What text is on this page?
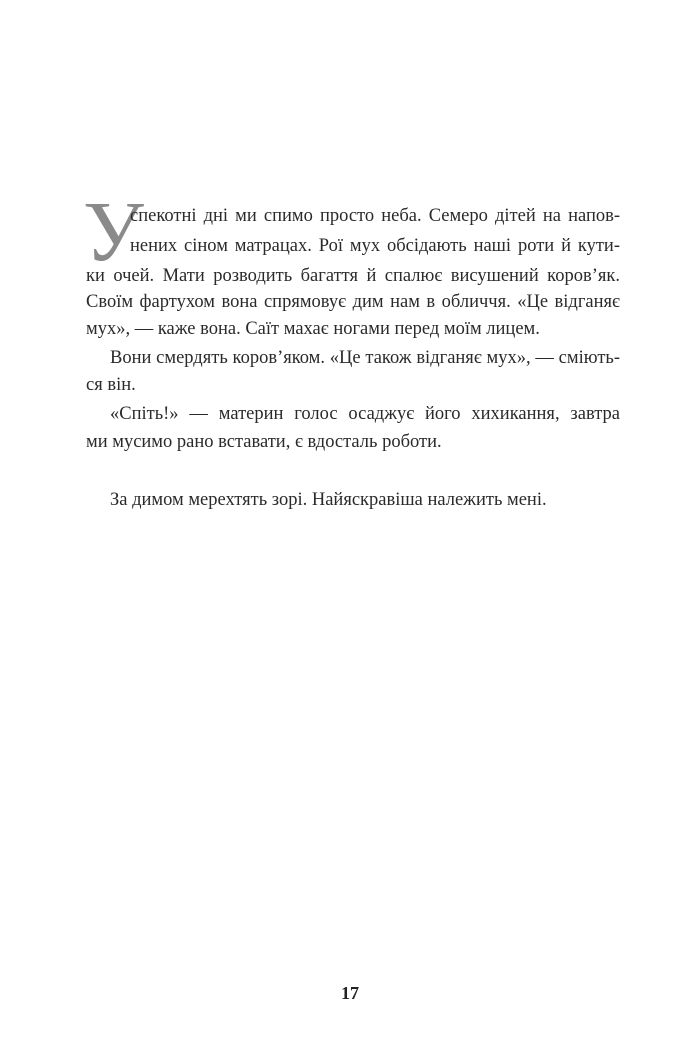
У
спекотні дні ми спимо просто неба. Семеро дітей на напов-
нених сіном матрацах. Рої мух обсідають наші роти й кути-
ки очей. Мати розводить багаття й спалює висушений коров’як.
Своїм фартухом вона спрямовує дим нам в обличчя. «Це відганяє
мух», — каже вона. Саїт махає ногами перед моїм лицем.
Вони смердять коров’яком. «Це також відганяє мух», — сміють-
ся він.
«Спіть!» — материн голос осаджує його хихикання, завтра
ми мусимо рано вставати, є вдосталь роботи.
За димом мерехтять зорі. Найяскравіша належить мені.
17
